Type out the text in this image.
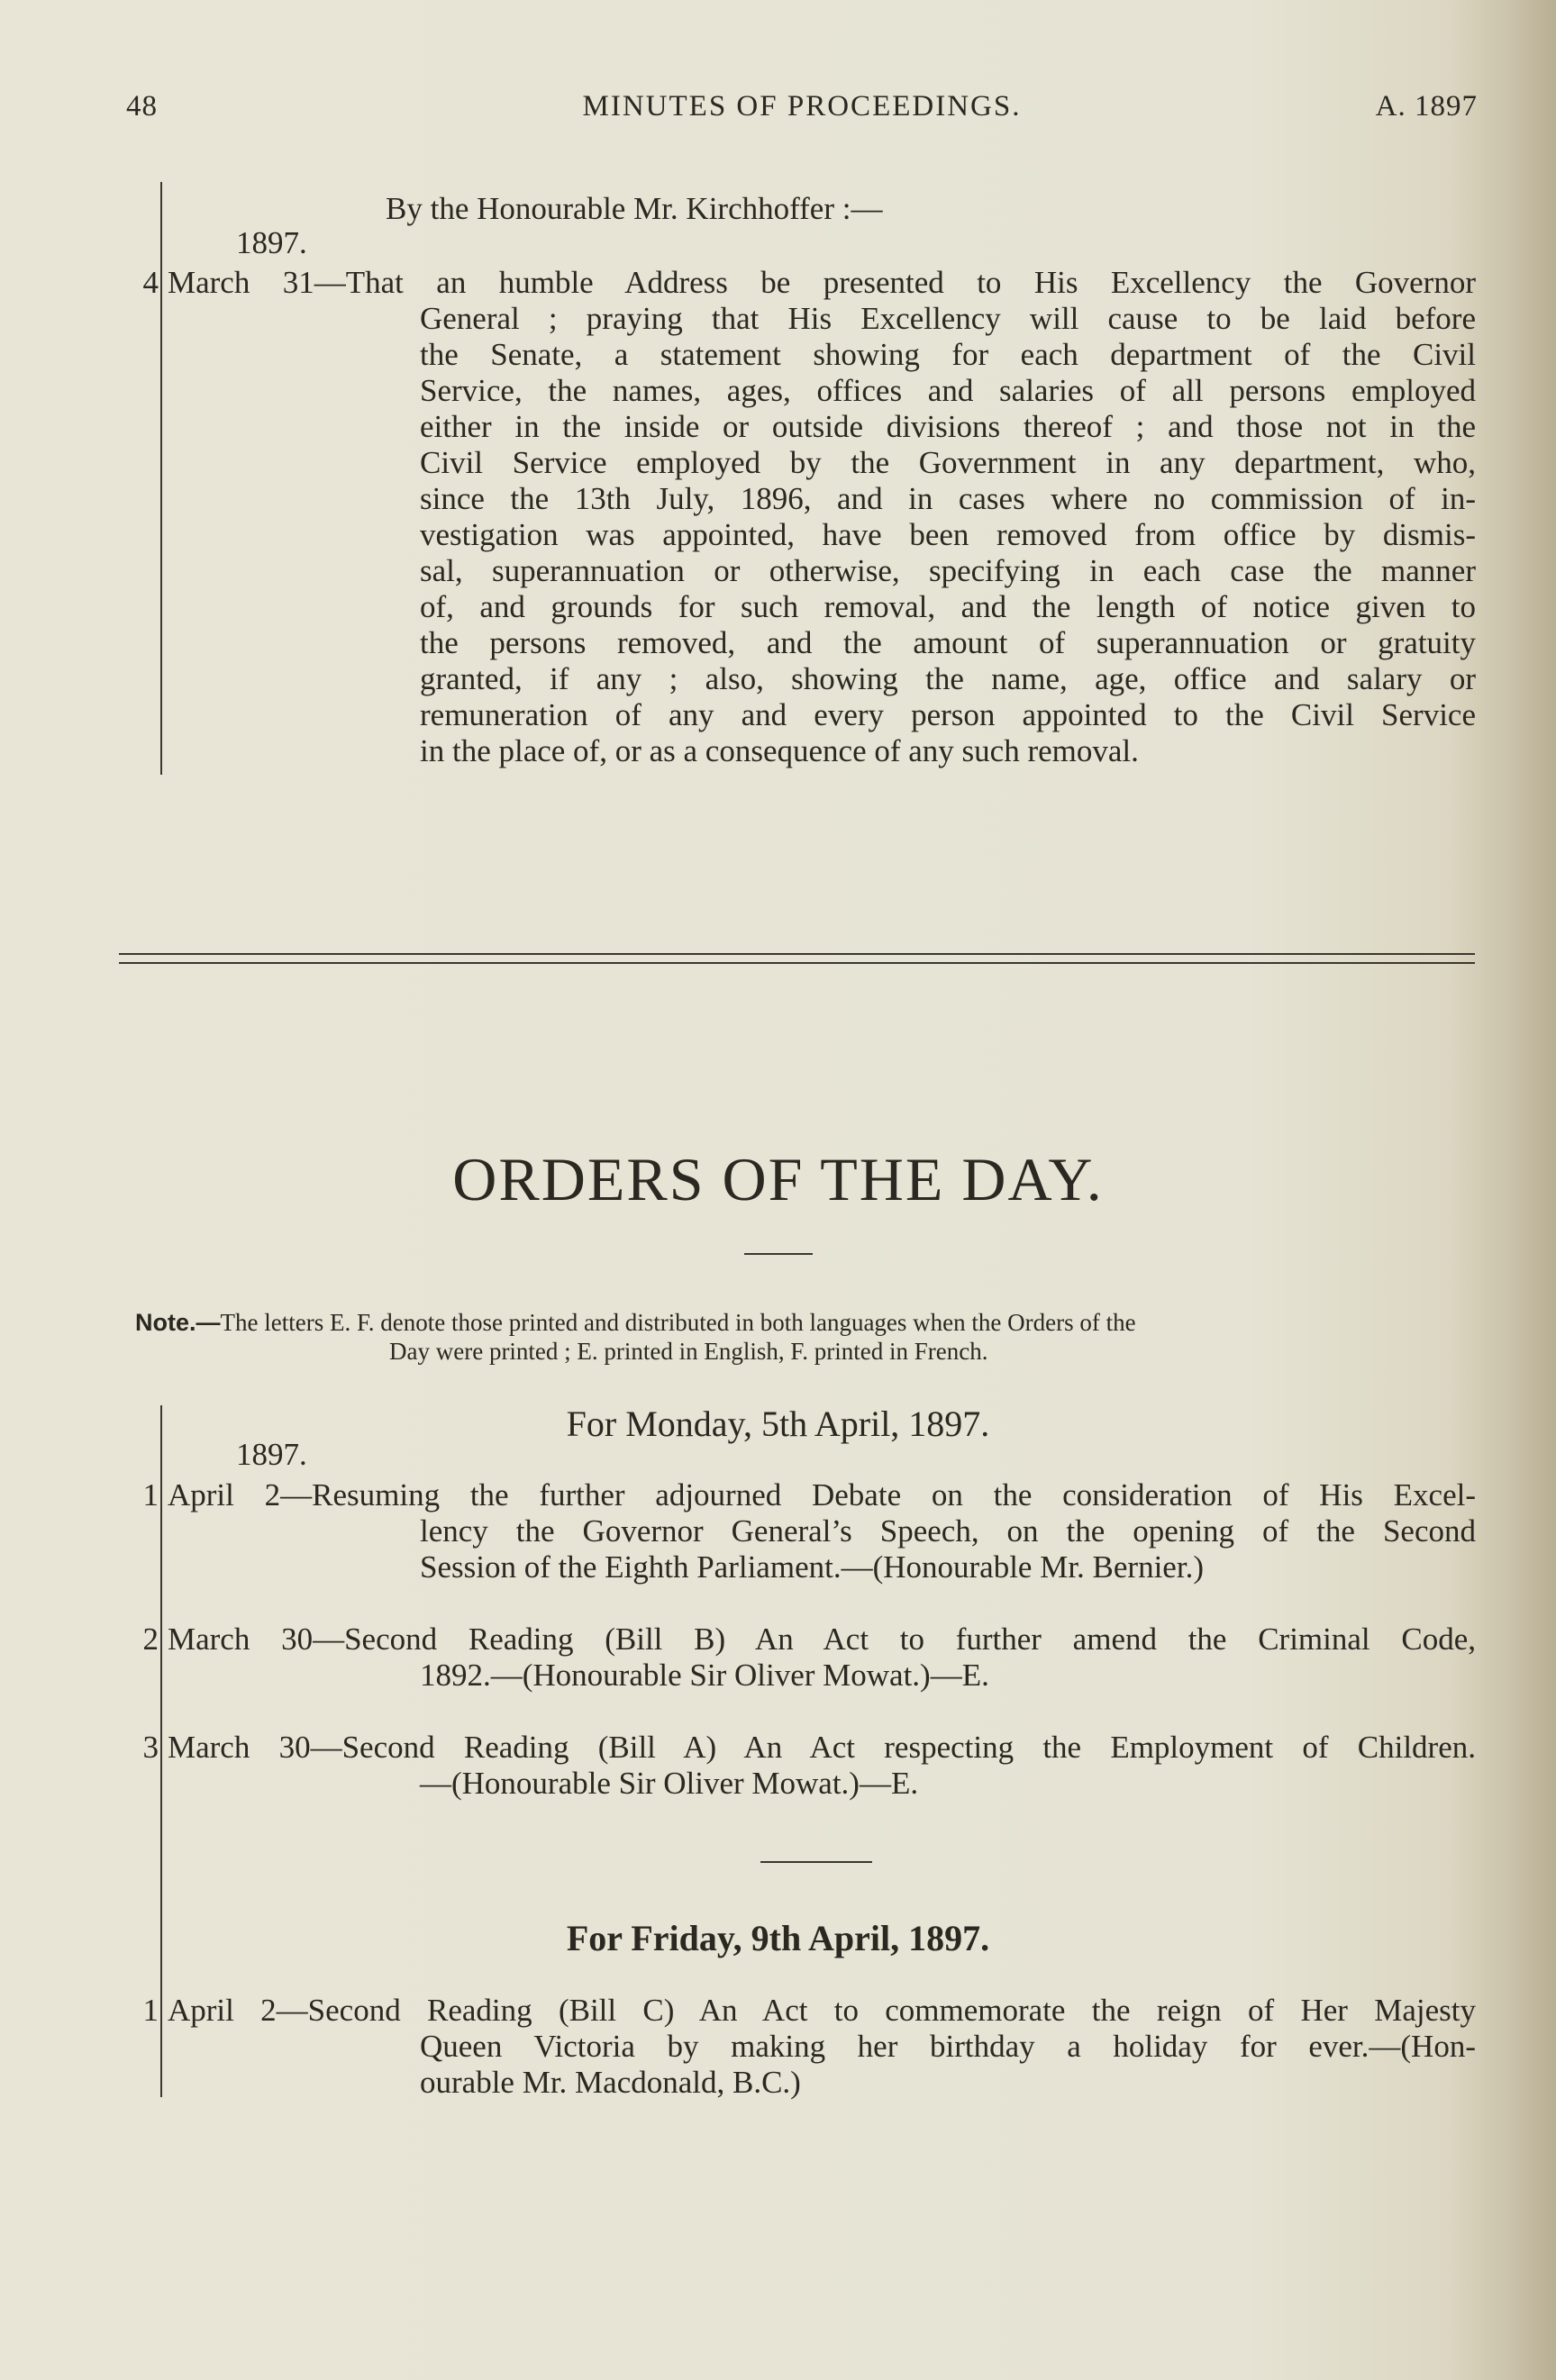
48	MINUTES OF PROCEEDINGS.	A. 1897
By the Honourable Mr. Kirchhoffer :—
1897.
4 March 31—That an humble Address be presented to His Excellency the Governor
General ; praying that His Excellency will cause to be laid before
the Senate, a statement showing for each department of the Civil
Service, the names, ages, offices and salaries of all persons employed
either in the inside or outside divisions thereof ; and those not in the
Civil Service employed by the Government in any department, who,
since the 13th July, 1896, and in cases where no commission of in-
vestigation was appointed, have been removed from office by dismis-
sal, superannuation or otherwise, specifying in each case the manner
of, and grounds for such removal, and the length of notice given to
the persons removed, and the amount of superannuation or gratuity
granted, if any ; also, showing the name, age, office and salary or
remuneration of any and every person appointed to the Civil Service
in the place of, or as a consequence of any such removal.
ORDERS OF THE DAY.
Note.—The letters E. F. denote those printed and distributed in both languages when the Orders of the
Day were printed ; E. printed in English, F. printed in French.
For Monday, 5th April, 1897.
1897.
1 April 2—Resuming the further adjourned Debate on the consideration of His Excel-
lency the Governor General’s Speech, on the opening of the Second
Session of the Eighth Parliament.—(Honourable Mr. Bernier.)
2 March 30—Second Reading (Bill B) An Act to further amend the Criminal Code,
1892.—(Honourable Sir Oliver Mowat.)—E.
3 March 30—Second Reading (Bill A) An Act respecting the Employment of Children.
—(Honourable Sir Oliver Mowat.)—E.
For Friday, 9th April, 1897.
1 April 2—Second Reading (Bill C) An Act to commemorate the reign of Her Majesty
Queen Victoria by making her birthday a holiday for ever.—(Hon-
ourable Mr. Macdonald, B.C.)
